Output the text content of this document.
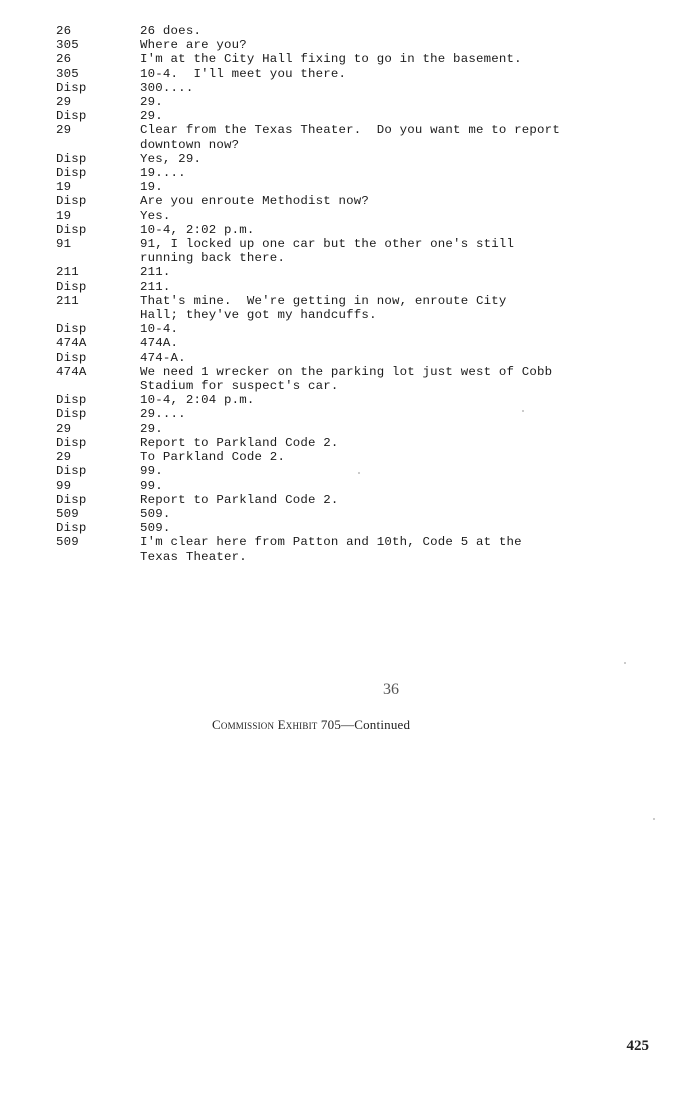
26	26 does.
305	Where are you?
26	I'm at the City Hall fixing to go in the basement.
305	10-4.  I'll meet you there.
Disp	300....
29	29.
Disp	29.
29	Clear from the Texas Theater.  Do you want me to report
downtown now?
Disp	Yes, 29.
Disp	19....
19	19.
Disp	Are you enroute Methodist now?
19	Yes.
Disp	10-4, 2:02 p.m.
91	91, I locked up one car but the other one's still
running back there.
211	211.
Disp	211.
211	That's mine.  We're getting in now, enroute City
Hall; they've got my handcuffs.
Disp	10-4.
474A	474A.
Disp	474-A.
474A	We need 1 wrecker on the parking lot just west of Cobb
Stadium for suspect's car.
Disp	10-4, 2:04 p.m.
Disp	29....
29	29.
Disp	Report to Parkland Code 2.
29	To Parkland Code 2.
Disp	99.
99	99.
Disp	Report to Parkland Code 2.
509	509.
Disp	509.
509	I'm clear here from Patton and 10th, Code 5 at the
Texas Theater.
36
Commission Exhibit 705—Continued
425
